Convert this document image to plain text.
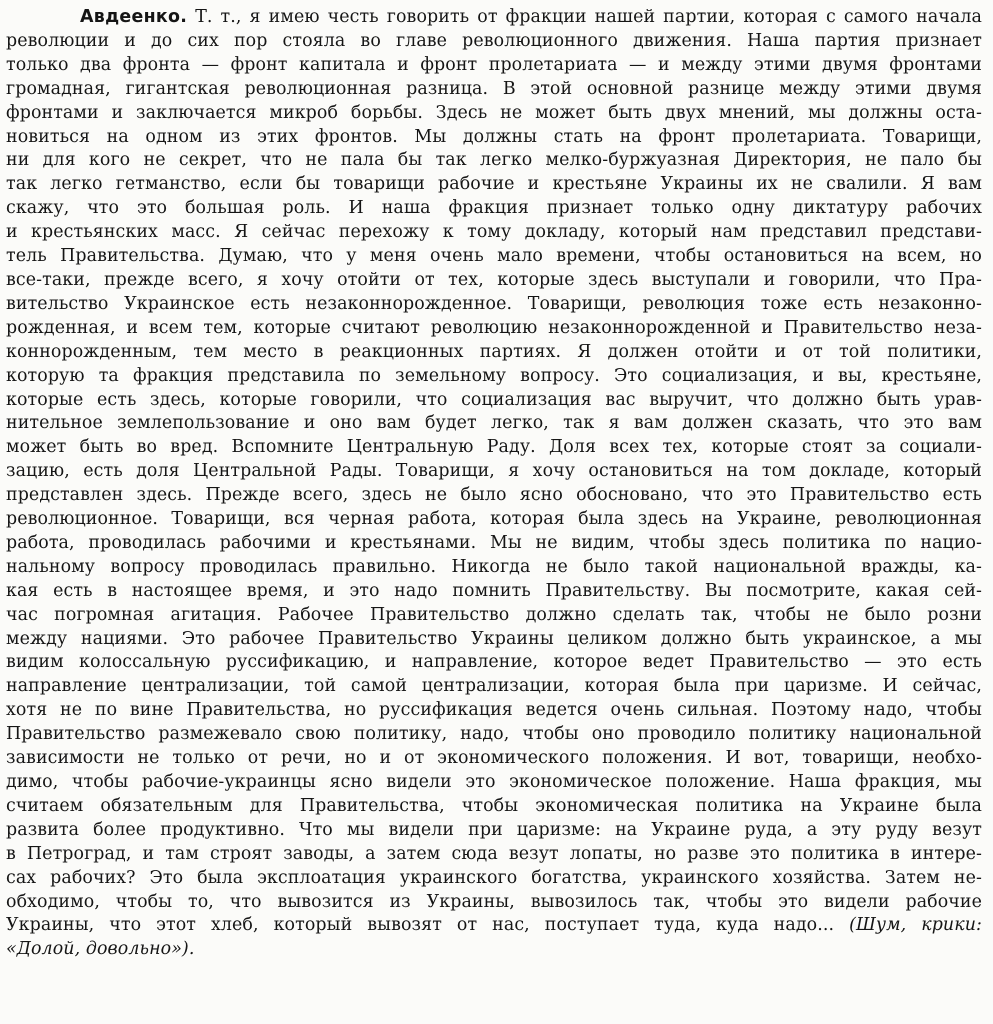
Авдеенко. Т. т., я имею честь говорить от фракции нашей партии, которая с самого начала
революции и до сих пор стояла во главе революционного движения. Наша партия признает
только два фронта — фронт капитала и фронт пролетариата — и между этими двумя фронтами
громадная, гигантская революционная разница. В этой основной разнице между этими двумя
фронтами и заключается микроб борьбы. Здесь не может быть двух мнений, мы должны оста-
новиться на одном из этих фронтов. Мы должны стать на фронт пролетариата. Товарищи,
ни для кого не секрет, что не пала бы так легко мелко-буржуазная Директория, не пало бы
так легко гетманство, если бы товарищи рабочие и крестьяне Украины их не свалили. Я вам
скажу, что это большая роль. И наша фракция признает только одну диктатуру рабочих
и крестьянских масс. Я сейчас перехожу к тому докладу, который нам представил представи-
тель Правительства. Думаю, что у меня очень мало времени, чтобы остановиться на всем, но
все-таки, прежде всего, я хочу отойти от тех, которые здесь выступали и говорили, что Пра-
вительство Украинское есть незаконнорожденное. Товарищи, революция тоже есть незаконно-
рожденная, и всем тем, которые считают революцию незаконнорожденной и Правительство неза-
коннорожденным, тем место в реакционных партиях. Я должен отойти и от той политики,
которую та фракция представила по земельному вопросу. Это социализация, и вы, крестьяне,
которые есть здесь, которые говорили, что социализация вас выручит, что должно быть урав-
нительное землепользование и оно вам будет легко, так я вам должен сказать, что это вам
может быть во вред. Вспомните Центральную Раду. Доля всех тех, которые стоят за социали-
зацию, есть доля Центральной Рады. Товарищи, я хочу остановиться на том докладе, который
представлен здесь. Прежде всего, здесь не было ясно обосновано, что это Правительство есть
революционное. Товарищи, вся черная работа, которая была здесь на Украине, революционная
работа, проводилась рабочими и крестьянами. Мы не видим, чтобы здесь политика по нацио-
нальному вопросу проводилась правильно. Никогда не было такой национальной вражды, ка-
кая есть в настоящее время, и это надо помнить Правительству. Вы посмотрите, какая сей-
час погромная агитация. Рабочее Правительство должно сделать так, чтобы не было розни
между нациями. Это рабочее Правительство Украины целиком должно быть украинское, а мы
видим колоссальную руссификацию, и направление, которое ведет Правительство — это есть
направление централизации, той самой централизации, которая была при царизме. И сейчас,
хотя не по вине Правительства, но руссификация ведется очень сильная. Поэтому надо, чтобы
Правительство размежевало свою политику, надо, чтобы оно проводило политику национальной
зависимости не только от речи, но и от экономического положения. И вот, товарищи, необхо-
димо, чтобы рабочие-украинцы ясно видели это экономическое положение. Наша фракция, мы
считаем обязательным для Правительства, чтобы экономическая политика на Украине была
развита более продуктивно. Что мы видели при царизме: на Украине руда, а эту руду везут
в Петроград, и там строят заводы, а затем сюда везут лопаты, но разве это политика в интере-
сах рабочих? Это была эксплоатация украинского богатства, украинского хозяйства. Затем не-
обходимо, чтобы то, что вывозится из Украины, вывозилось так, чтобы это видели рабочие
Украины, что этот хлеб, который вывозят от нас, поступает туда, куда надо... (Шум, крики:
«Долой, довольно»).
